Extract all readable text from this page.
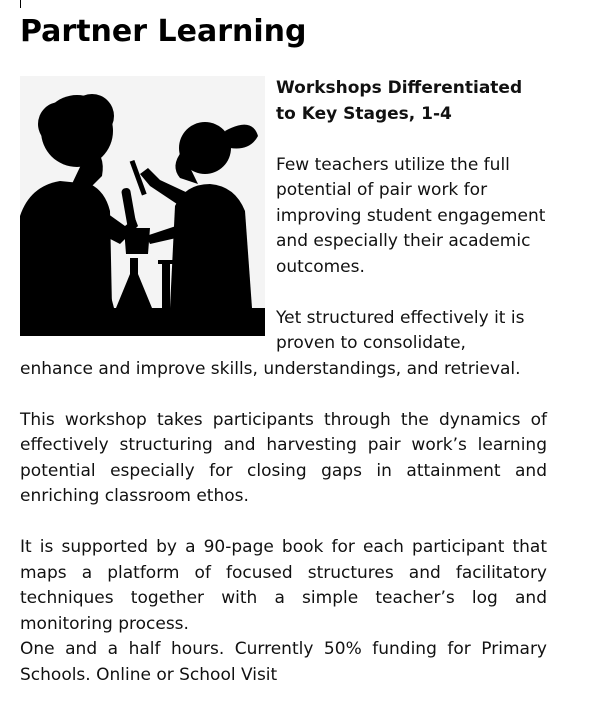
Partner Learning

Workshops Differentiated to Key Stages, 1-4

Few teachers utilize the full potential of pair work for improving student engagement and especially their academic outcomes.

Yet structured effectively it is proven to consolidate,

enhance and improve skills, understandings, and retrieval.

This workshop takes participants through the dynamics of effectively structuring and harvesting pair work’s learning potential especially for closing gaps in attainment and enriching classroom ethos.

It is supported by a 90-page book for each participant that maps a platform of focused structures and facilitatory techniques together with a simple teacher’s log and monitoring process.

One and a half hours. Currently 50% funding for Primary Schools. Online or School Visit
